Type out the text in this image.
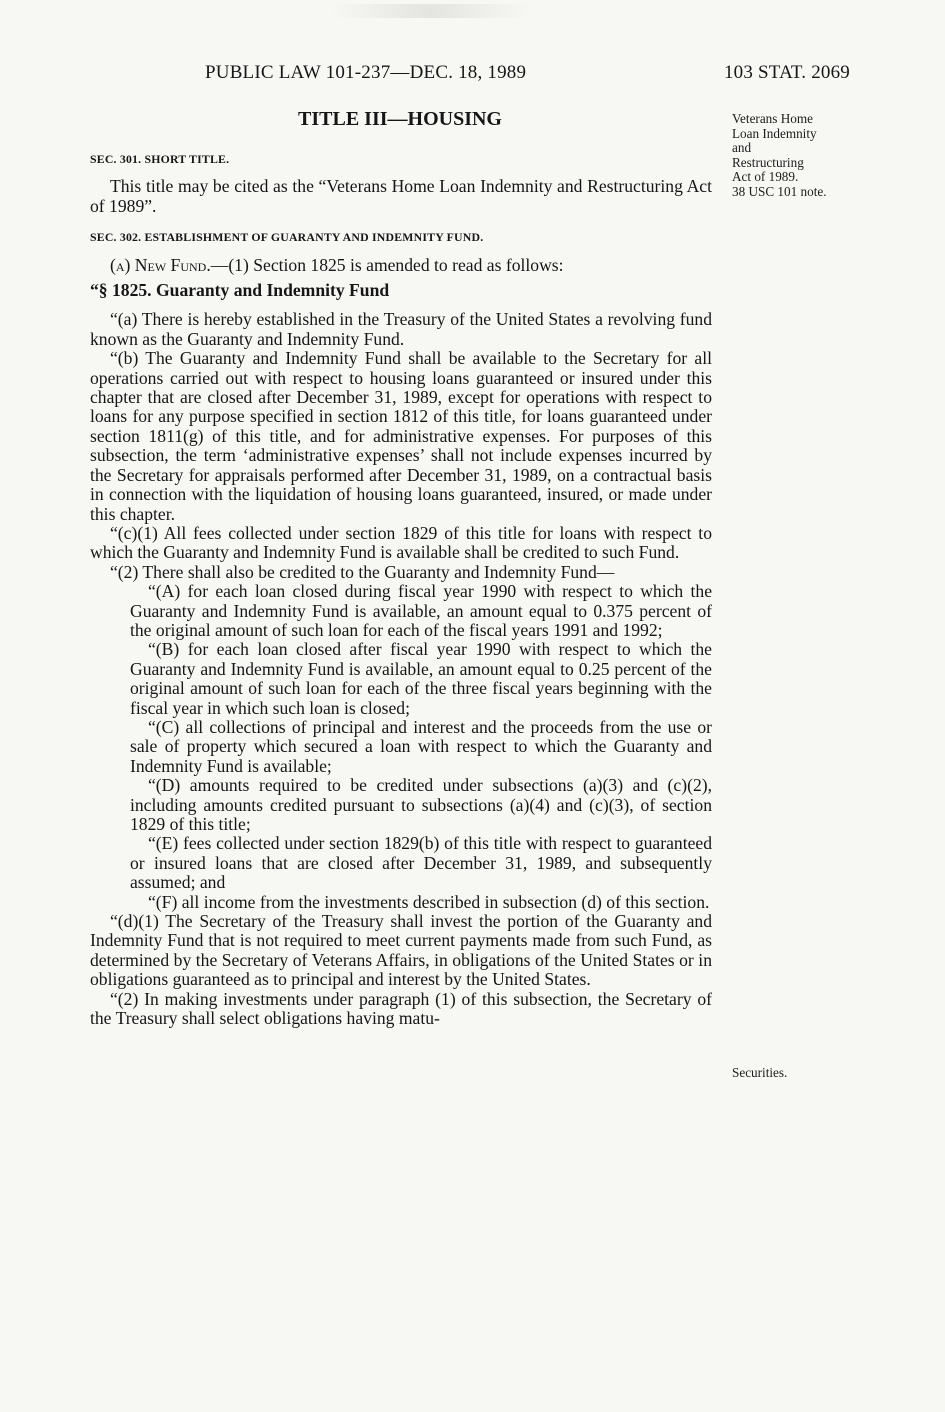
PUBLIC LAW 101-237—DEC. 18, 1989	103 STAT. 2069
TITLE III—HOUSING	Veterans Home
Loan Indemnity
and
Restructuring
Act of 1989.
38 USC 101 note.
Securities.

SEC. 301. SHORT TITLE.

This title may be cited as the “Veterans Home Loan Indemnity and Restructuring Act of 1989”.

SEC. 302. ESTABLISHMENT OF GUARANTY AND INDEMNITY FUND.

(a) New Fund.—(1) Section 1825 is amended to read as follows:

“§ 1825. Guaranty and Indemnity Fund

“(a) There is hereby established in the Treasury of the United States a revolving fund known as the Guaranty and Indemnity Fund.

“(b) The Guaranty and Indemnity Fund shall be available to the Secretary for all operations carried out with respect to housing loans guaranteed or insured under this chapter that are closed after December 31, 1989, except for operations with respect to loans for any purpose specified in section 1812 of this title, for loans guaranteed under section 1811(g) of this title, and for administrative expenses. For purposes of this subsection, the term ‘administrative expenses’ shall not include expenses incurred by the Secretary for appraisals performed after December 31, 1989, on a contractual basis in connection with the liquidation of housing loans guaranteed, insured, or made under this chapter.

“(c)(1) All fees collected under section 1829 of this title for loans with respect to which the Guaranty and Indemnity Fund is available shall be credited to such Fund.

“(2) There shall also be credited to the Guaranty and Indemnity Fund—

“(A) for each loan closed during fiscal year 1990 with respect to which the Guaranty and Indemnity Fund is available, an amount equal to 0.375 percent of the original amount of such loan for each of the fiscal years 1991 and 1992;

“(B) for each loan closed after fiscal year 1990 with respect to which the Guaranty and Indemnity Fund is available, an amount equal to 0.25 percent of the original amount of such loan for each of the three fiscal years beginning with the fiscal year in which such loan is closed;

“(C) all collections of principal and interest and the proceeds from the use or sale of property which secured a loan with respect to which the Guaranty and Indemnity Fund is available;

“(D) amounts required to be credited under subsections (a)(3) and (c)(2), including amounts credited pursuant to subsections (a)(4) and (c)(3), of section 1829 of this title;

“(E) fees collected under section 1829(b) of this title with respect to guaranteed or insured loans that are closed after December 31, 1989, and subsequently assumed; and

“(F) all income from the investments described in subsection (d) of this section.

“(d)(1) The Secretary of the Treasury shall invest the portion of the Guaranty and Indemnity Fund that is not required to meet current payments made from such Fund, as determined by the Secretary of Veterans Affairs, in obligations of the United States or in obligations guaranteed as to principal and interest by the United States.

“(2) In making investments under paragraph (1) of this subsection, the Secretary of the Treasury shall select obligations having matu-
